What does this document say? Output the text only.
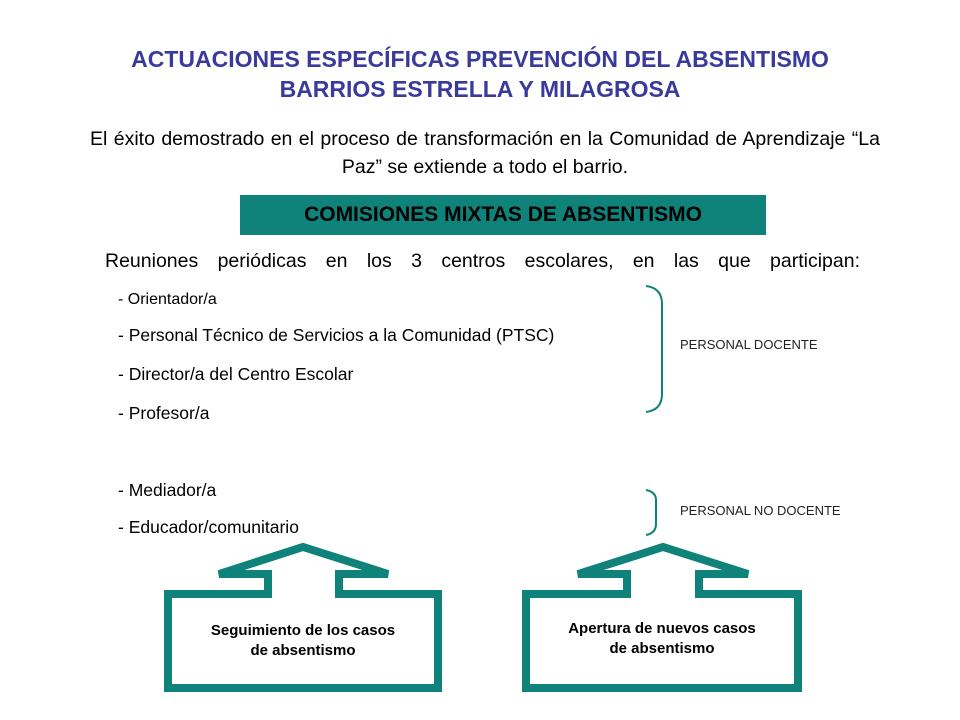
ACTUACIONES ESPECÍFICAS PREVENCIÓN DEL ABSENTISMO
BARRIOS ESTRELLA Y MILAGROSA
El éxito demostrado en el proceso de transformación en la Comunidad de Aprendizaje “La Paz” se extiende a todo el barrio.
COMISIONES MIXTAS DE ABSENTISMO
Reuniones periódicas en los 3 centros escolares, en las que participan:
- Orientador/a
- Personal Técnico de Servicios a la Comunidad (PTSC)
- Director/a del Centro Escolar
- Profesor/a
- Mediador/a
- Educador/comunitario
PERSONAL DOCENTE
PERSONAL NO DOCENTE
Seguimiento de los casos
de absentismo
Apertura de nuevos casos
de absentismo
